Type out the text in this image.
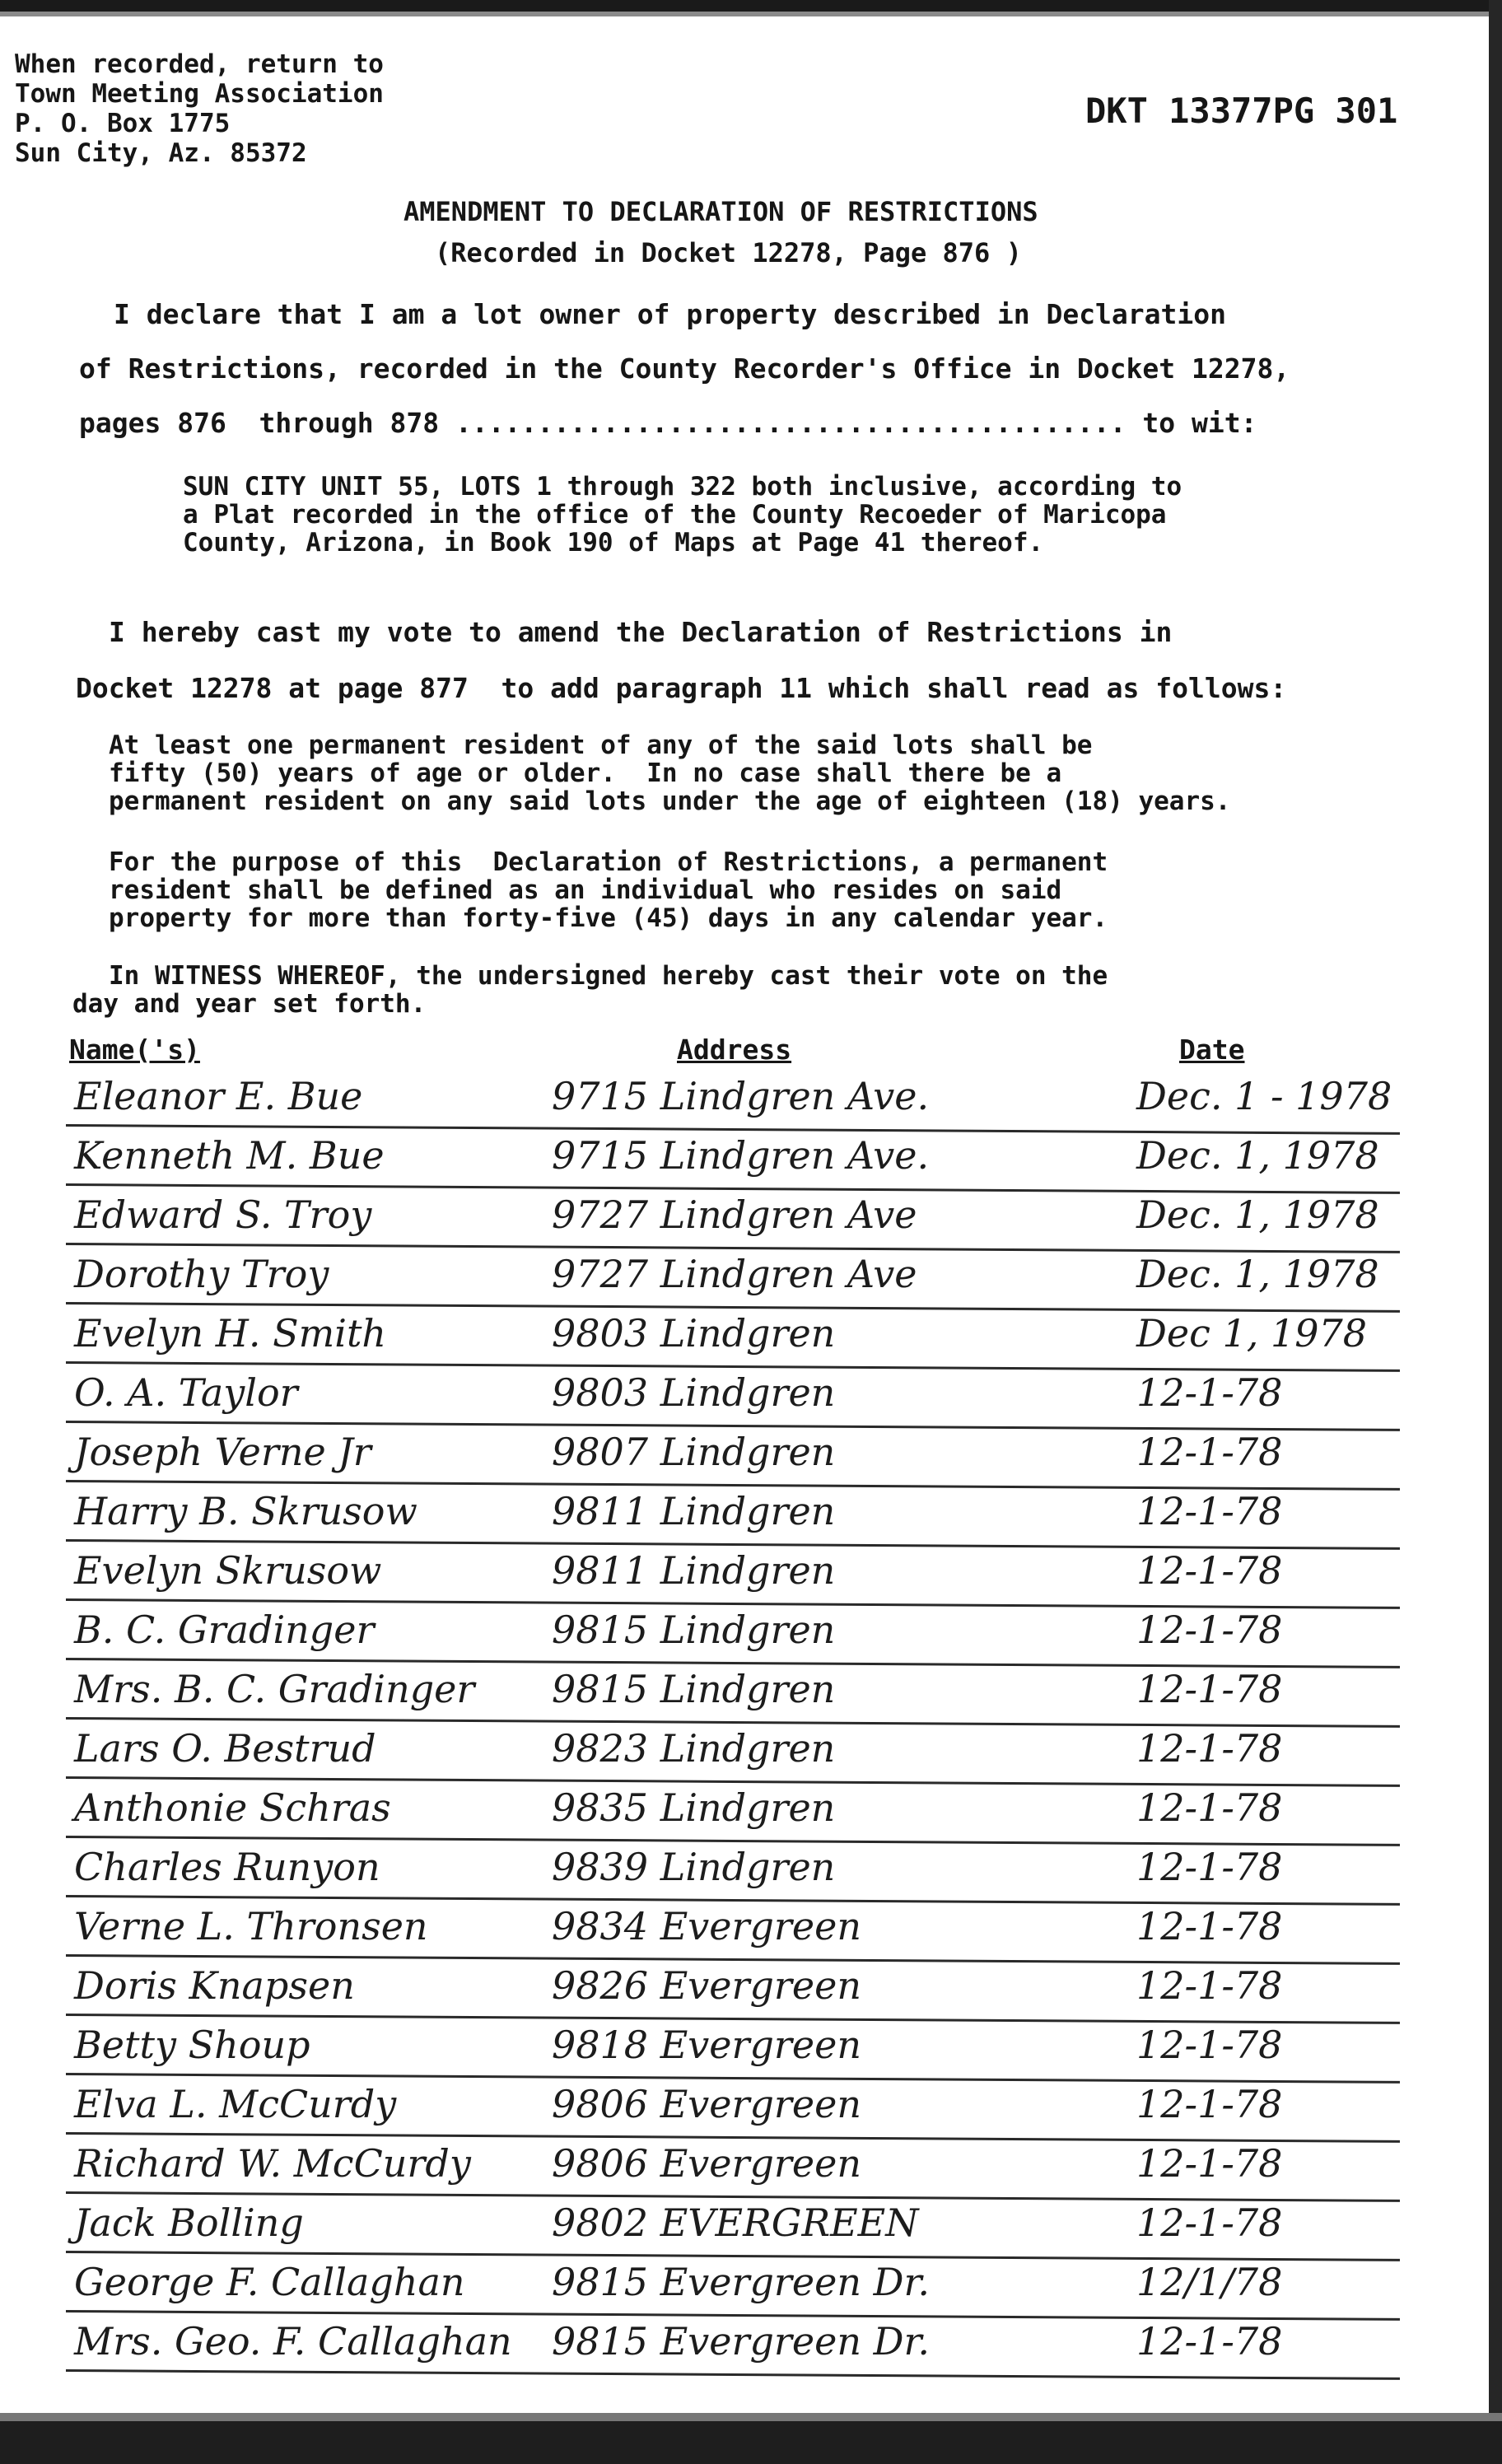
When recorded, return to
Town Meeting Association
P. O. Box 1775
Sun City, Az. 85372
DKT 13377PG 301
AMENDMENT TO DECLARATION OF RESTRICTIONS
(Recorded in Docket 12278, Page 876 )
I declare that I am a lot owner of property described in Declaration
of Restrictions, recorded in the County Recorder's Office in Docket 12278,
pages 876  through 878 ......................................... to wit:
SUN CITY UNIT 55, LOTS 1 through 322 both inclusive, according to
a Plat recorded in the office of the County Recoeder of Maricopa
County, Arizona, in Book 190 of Maps at Page 41 thereof.
I hereby cast my vote to amend the Declaration of Restrictions in
Docket 12278 at page 877  to add paragraph 11 which shall read as follows:
At least one permanent resident of any of the said lots shall be
fifty (50) years of age or older.  In no case shall there be a
permanent resident on any said lots under the age of eighteen (18) years.
For the purpose of this  Declaration of Restrictions, a permanent
resident shall be defined as an individual who resides on said
property for more than forty-five (45) days in any calendar year.
In WITNESS WHEREOF, the undersigned hereby cast their vote on the
day and year set forth.
Name('s)	Address	Date
Eleanor E. Bue	9715 Lindgren Ave.	Dec. 1 - 1978
Kenneth M. Bue	9715 Lindgren Ave.	Dec. 1, 1978
Edward S. Troy	9727 Lindgren Ave	Dec. 1, 1978
Dorothy Troy	9727 Lindgren Ave	Dec. 1, 1978
Evelyn H. Smith	9803 Lindgren	Dec 1, 1978
O. A. Taylor	9803 Lindgren	12-1-78
Joseph Verne Jr	9807 Lindgren	12-1-78
Harry B. Skrusow	9811 Lindgren	12-1-78
Evelyn Skrusow	9811 Lindgren	12-1-78
B. C. Gradinger	9815 Lindgren	12-1-78
Mrs. B. C. Gradinger	9815 Lindgren	12-1-78
Lars O. Bestrud	9823 Lindgren	12-1-78
Anthonie Schras	9835 Lindgren	12-1-78
Charles Runyon	9839 Lindgren	12-1-78
Verne L. Thronsen	9834 Evergreen	12-1-78
Doris Knapsen	9826 Evergreen	12-1-78
Betty Shoup	9818 Evergreen	12-1-78
Elva L. McCurdy	9806 Evergreen	12-1-78
Richard W. McCurdy	9806 Evergreen	12-1-78
Jack Bolling	9802 EVERGREEN	12-1-78
George F. Callaghan	9815 Evergreen Dr.	12/1/78
Mrs. Geo. F. Callaghan	9815 Evergreen Dr.	12-1-78
